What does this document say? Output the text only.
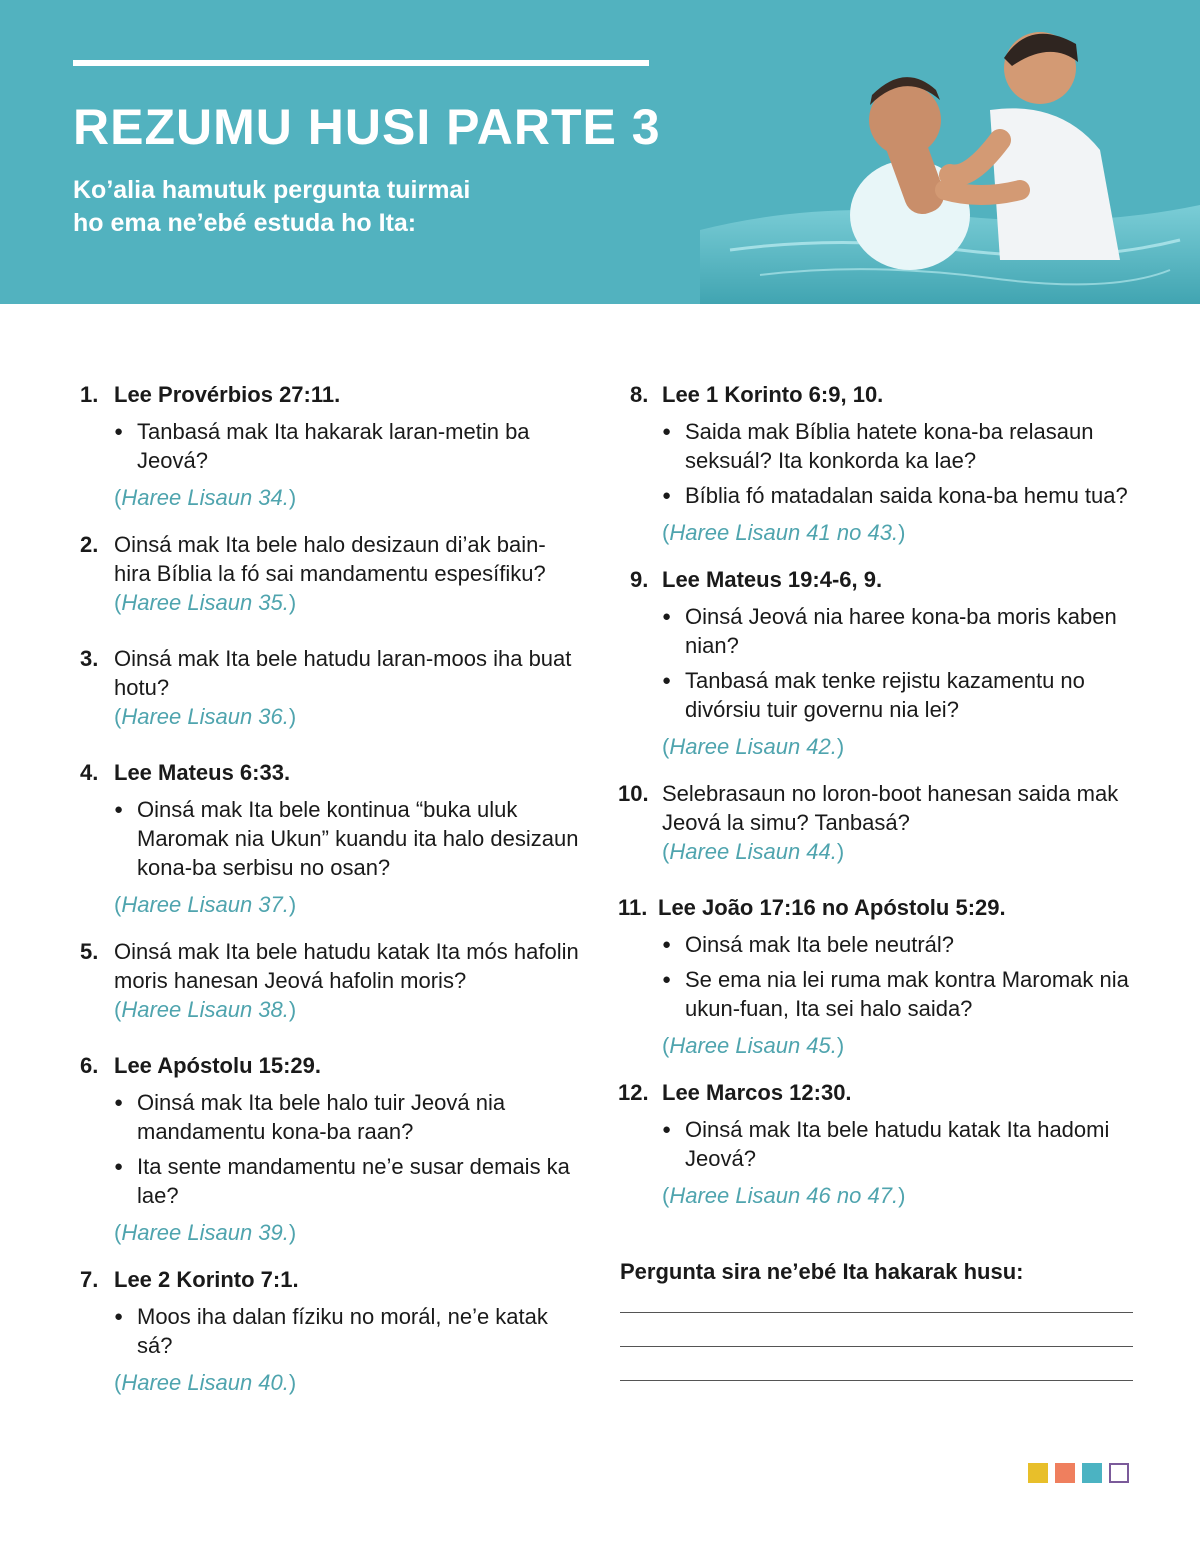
REZUMU HUSI PARTE 3
Ko’alia hamutuk pergunta tuirmai
ho ema ne’ebé estuda ho Ita:
1. Lee Provérbios 27:11.
● Tanbasá mak Ita hakarak laran-metin ba Jeová?
(Haree Lisaun 34.)
2. Oinsá mak Ita bele halo desizaun di’ak bain-hira Bíblia la fó sai mandamentu espesífiku?
(Haree Lisaun 35.)
3. Oinsá mak Ita bele hatudu laran-moos iha buat hotu?
(Haree Lisaun 36.)
4. Lee Mateus 6:33.
● Oinsá mak Ita bele kontinua “buka uluk Maromak nia Ukun” kuandu ita halo desizaun kona-ba serbisu no osan?
(Haree Lisaun 37.)
5. Oinsá mak Ita bele hatudu katak Ita mós hafolin moris hanesan Jeová hafolin moris?
(Haree Lisaun 38.)
6. Lee Apóstolu 15:29.
● Oinsá mak Ita bele halo tuir Jeová nia mandamentu kona-ba raan?
● Ita sente mandamentu ne’e susar demais ka lae?
(Haree Lisaun 39.)
7. Lee 2 Korinto 7:1.
● Moos iha dalan fíziku no morál, ne’e katak sá?
(Haree Lisaun 40.)
8. Lee 1 Korinto 6:9, 10.
● Saida mak Bíblia hatete kona-ba relasaun seksuál? Ita konkorda ka lae?
● Bíblia fó matadalan saida kona-ba hemu tua?
(Haree Lisaun 41 no 43.)
9. Lee Mateus 19:4-6, 9.
● Oinsá Jeová nia haree kona-ba moris kaben nian?
● Tanbasá mak tenke rejistu kazamentu no divórsiu tuir governu nia lei?
(Haree Lisaun 42.)
10. Selebrasaun no loron-boot hanesan saida mak Jeová la simu? Tanbasá?
(Haree Lisaun 44.)
11. Lee João 17:16 no Apóstolu 5:29.
● Oinsá mak Ita bele neutrál?
● Se ema nia lei ruma mak kontra Maromak nia ukun-fuan, Ita sei halo saida?
(Haree Lisaun 45.)
12. Lee Marcos 12:30.
● Oinsá mak Ita bele hatudu katak Ita hadomi Jeová?
(Haree Lisaun 46 no 47.)
Pergunta sira ne’ebé Ita hakarak husu:
